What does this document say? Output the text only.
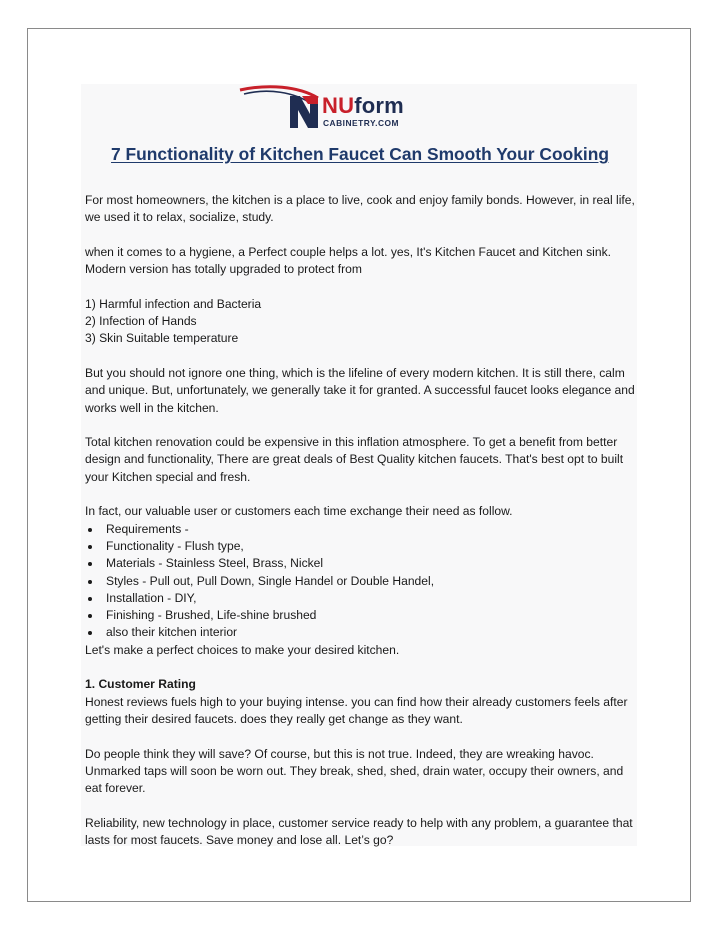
NUform
CABINETRY.COM
7 Functionality of Kitchen Faucet Can Smooth Your Cooking

For most homeowners, the kitchen is a place to live, cook and enjoy family bonds. However, in real life, we used it to relax, socialize, study.

when it comes to a hygiene, a Perfect couple helps a lot. yes, It's Kitchen Faucet and Kitchen sink. Modern version has totally upgraded to protect from

1) Harmful infection and Bacteria
2) Infection of Hands
3) Skin Suitable temperature

But you should not ignore one thing, which is the lifeline of every modern kitchen. It is still there, calm and unique. But, unfortunately, we generally take it for granted. A successful faucet looks elegance and works well in the kitchen.

Total kitchen renovation could be expensive in this inflation atmosphere. To get a benefit from better design and functionality, There are great deals of Best Quality kitchen faucets. That's best opt to built your Kitchen special and fresh.

In fact, our valuable user or customers each time exchange their need as follow.

Requirements -
Functionality - Flush type,
Materials - Stainless Steel, Brass, Nickel
Styles - Pull out, Pull Down, Single Handel or Double Handel,
Installation - DIY,
Finishing - Brushed, Life-shine brushed
also their kitchen interior

Let's make a perfect choices to make your desired kitchen.

1. Customer Rating

Honest reviews fuels high to your buying intense. you can find how their already customers feels after getting their desired faucets. does they really get change as they want.

Do people think they will save? Of course, but this is not true. Indeed, they are wreaking havoc. Unmarked taps will soon be worn out. They break, shed, shed, drain water, occupy their owners, and eat forever.

Reliability, new technology in place, customer service ready to help with any problem, a guarantee that lasts for most faucets. Save money and lose all. Let’s go?
